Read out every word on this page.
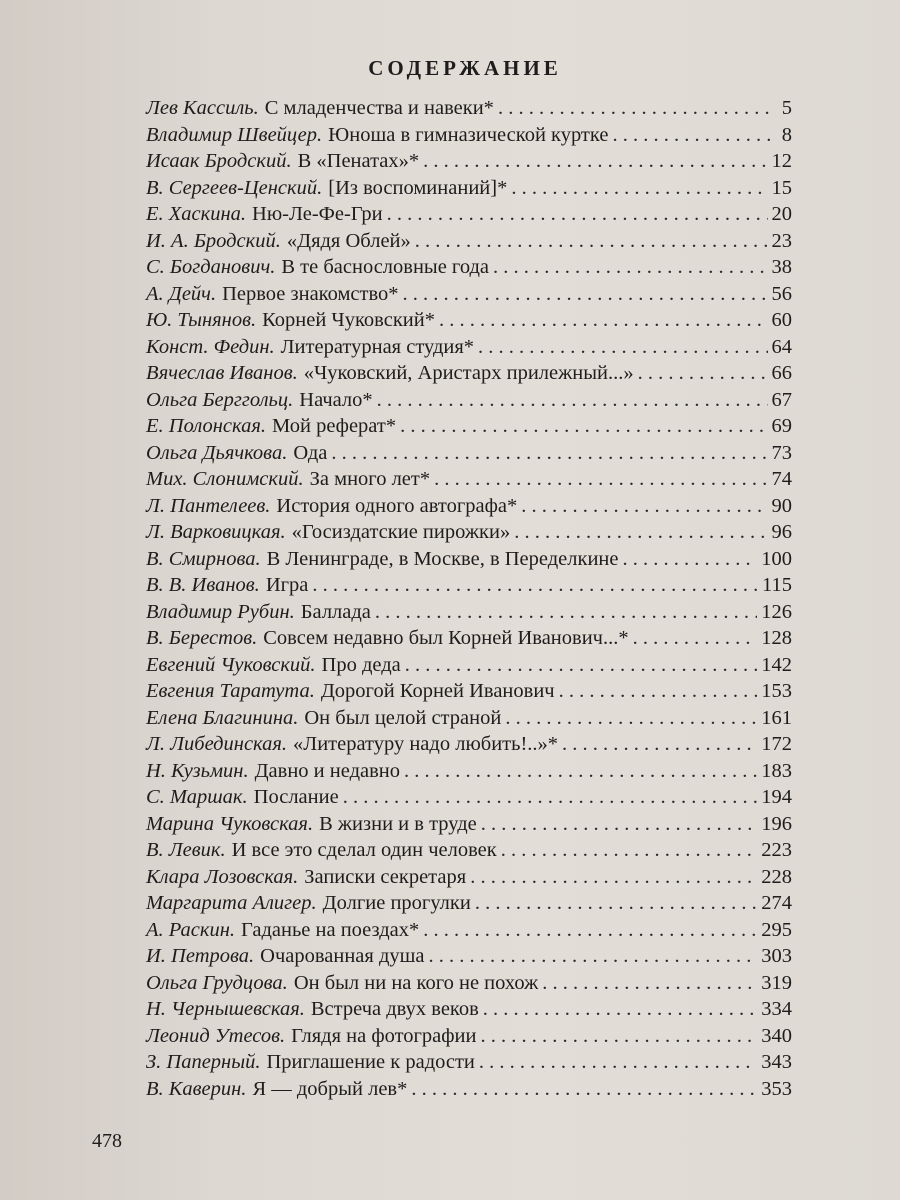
СОДЕРЖАНИЕ
Лев Кассиль. С младенчества и навеки* . . .	5
Владимир Швейцер. Юноша в гимназической куртке . . .	8
Исаак Бродский. В «Пенатах»* . . .	12
В. Сергеев-Ценский. [Из воспоминаний]* . . .	15
Е. Хаскина. Ню-Ле-Фе-Гри . . .	20
И. А. Бродский. «Дядя Облей» . . .	23
С. Богданович. В те баснословные года . . .	38
А. Дейч. Первое знакомство* . . .	56
Ю. Тынянов. Корней Чуковский* . . .	60
Конст. Федин. Литературная студия* . . .	64
Вячеслав Иванов. «Чуковский, Аристарх прилежный...» . . .	66
Ольга Берггольц. Начало* . . .	67
Е. Полонская. Мой реферат* . . .	69
Ольга Дьячкова. Ода . . .	73
Мих. Слонимский. За много лет* . . .	74
Л. Пантелеев. История одного автографа* . . .	90
Л. Варковицкая. «Госиздатские пирожки» . . .	96
В. Смирнова. В Ленинграде, в Москве, в Переделкине . . .	100
В. В. Иванов. Игра . . .	115
Владимир Рубин. Баллада . . .	126
В. Берестов. Совсем недавно был Корней Иванович...* . . .	128
Евгений Чуковский. Про деда . . .	142
Евгения Таратута. Дорогой Корней Иванович . . .	153
Елена Благинина. Он был целой страной . . .	161
Л. Либединская. «Литературу надо любить!..»* . . .	172
Н. Кузьмин. Давно и недавно . . .	183
С. Маршак. Послание . . .	194
Марина Чуковская. В жизни и в труде . . .	196
В. Левик. И все это сделал один человек . . .	223
Клара Лозовская. Записки секретаря . . .	228
Маргарита Алигер. Долгие прогулки . . .	274
А. Раскин. Гаданье на поездах* . . .	295
И. Петрова. Очарованная душа . . .	303
Ольга Грудцова. Он был ни на кого не похож . . .	319
Н. Чернышевская. Встреча двух веков . . .	334
Леонид Утесов. Глядя на фотографии . . .	340
З. Паперный. Приглашение к радости . . .	343
В. Каверин. Я — добрый лев* . . .	353
478
